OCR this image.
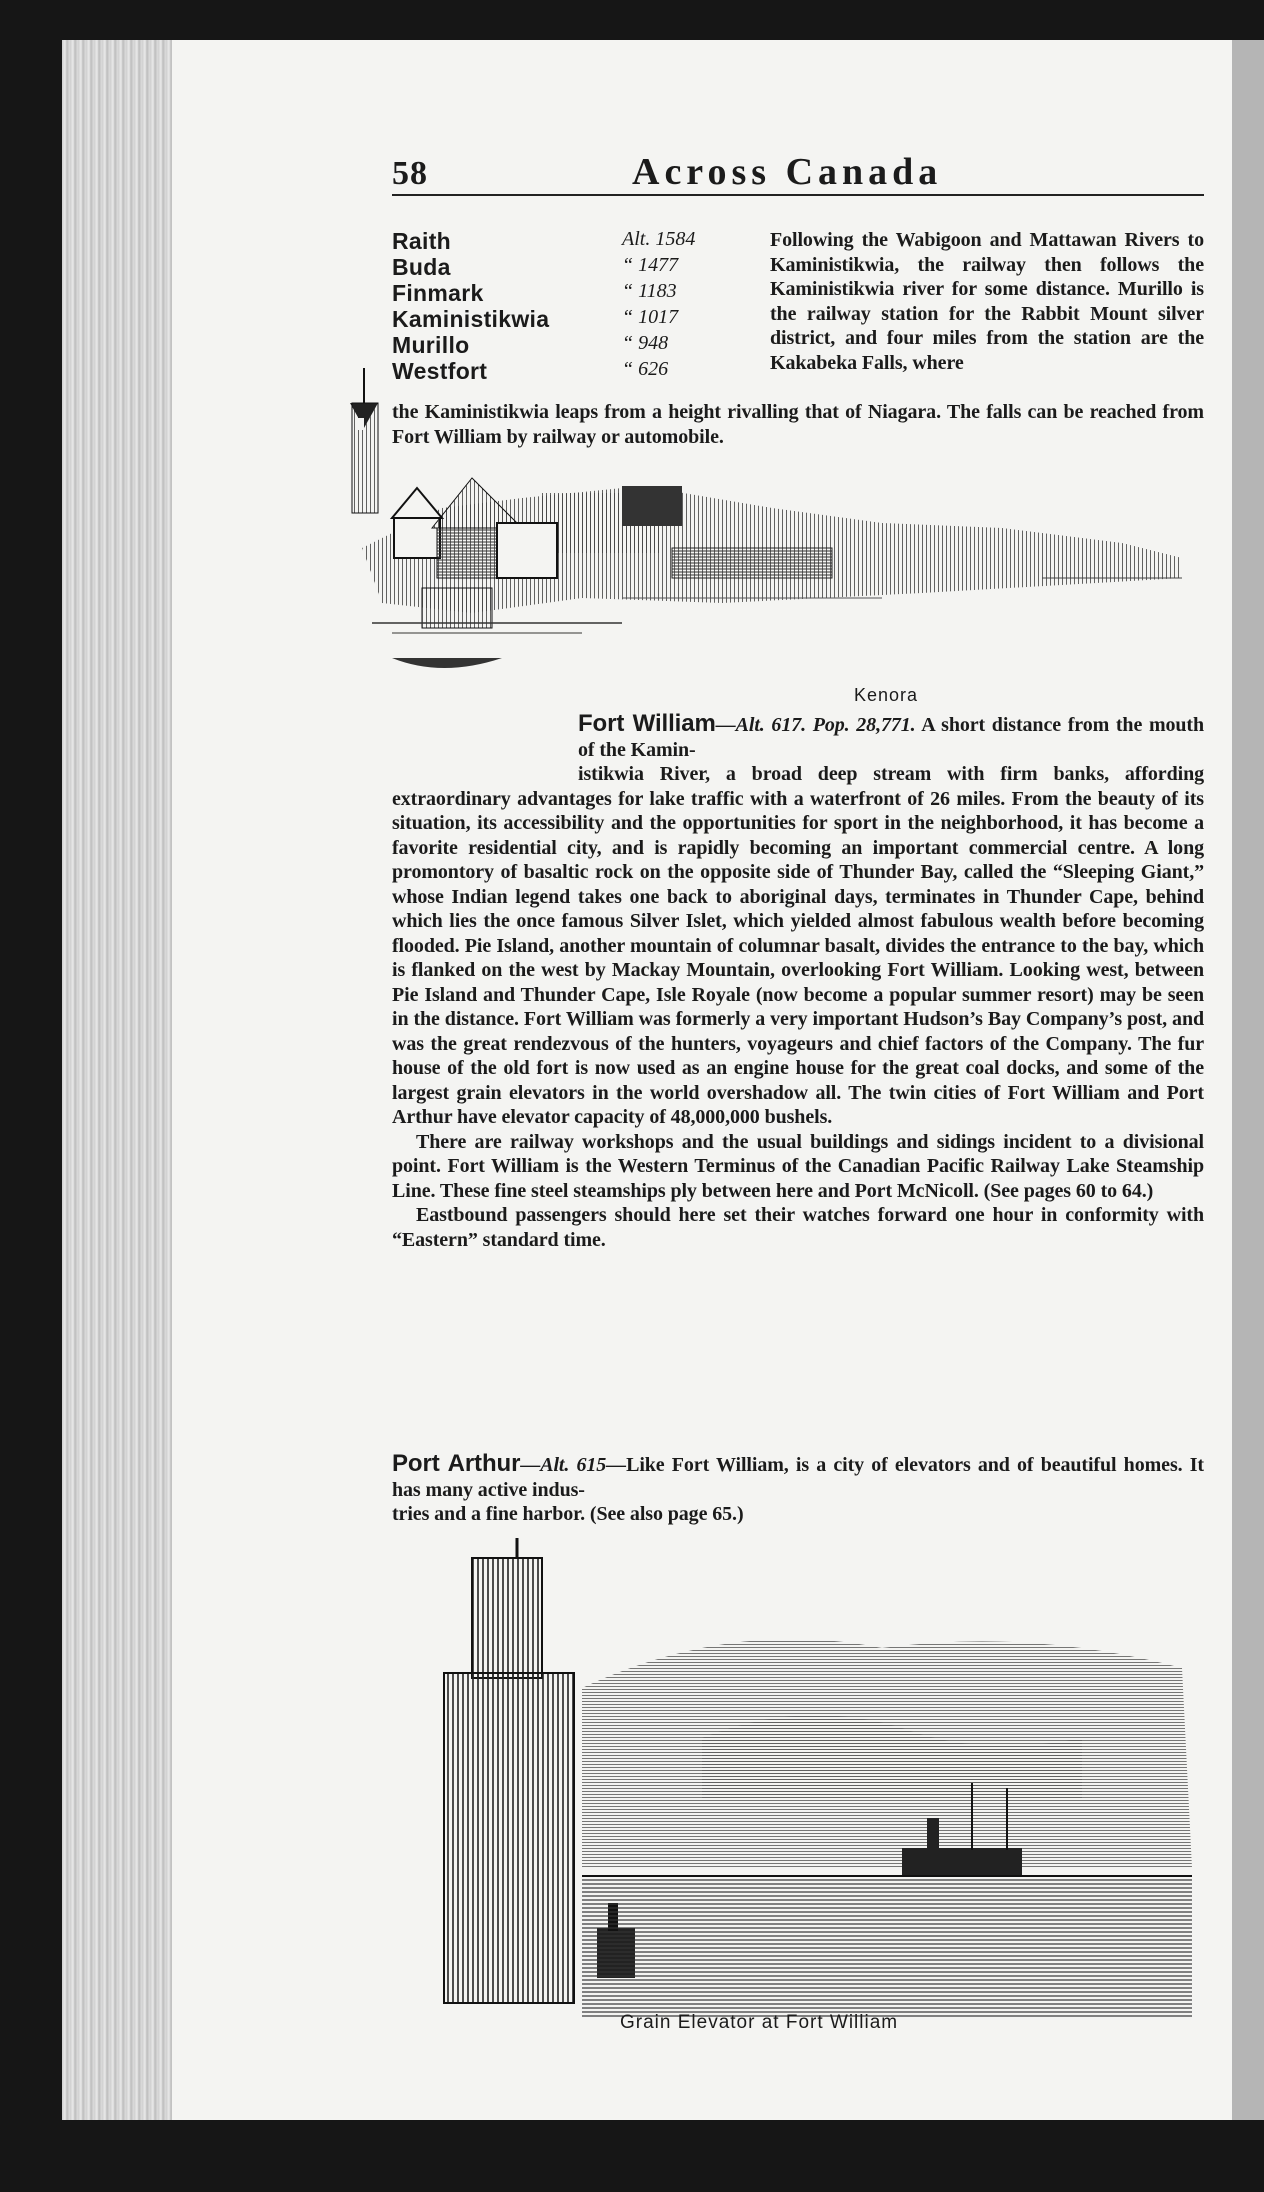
58	Across Canada
Raith	Alt. 1584
Buda	“ 1477
Finmark	“ 1183
Kaministikwia	“ 1017
Murillo	“ 948
Westfort	“ 626

Following the Wabigoon and Mattawan Rivers to Kaministikwia, the railway then follows the Kaministikwia river for some distance. Murillo is the railway station for the Rabbit Mount silver district, and four miles from the station are the Kakabeka Falls, where

the Kaministikwia leaps from a height rivalling that of Niagara. The falls can be reached from Fort William by railway or automobile.

Kenora

Fort William—Alt. 617. Pop. 28,771. A short distance from the mouth of the Kamin-

istikwia River, a broad deep stream with firm banks, affording extraordinary advantages for lake traffic with a waterfront of 26 miles. From the beauty of its situation, its accessibility and the opportunities for sport in the neighborhood, it has become a favorite residential city, and is rapidly becoming an important commercial centre. A long promontory of basaltic rock on the opposite side of Thunder Bay, called the “Sleeping Giant,” whose Indian legend takes one back to aboriginal days, terminates in Thunder Cape, behind which lies the once famous Silver Islet, which yielded almost fabulous wealth before becoming flooded. Pie Island, another mountain of columnar basalt, divides the entrance to the bay, which is flanked on the west by Mackay Mountain, overlooking Fort William. Looking west, between Pie Island and Thunder Cape, Isle Royale (now become a popular summer resort) may be seen in the distance. Fort William was formerly a very important Hudson’s Bay Company’s post, and was the great rendezvous of the hunters, voyageurs and chief factors of the Company. The fur house of the old fort is now used as an engine house for the great coal docks, and some of the largest grain elevators in the world overshadow all. The twin cities of Fort William and Port Arthur have elevator capacity of 48,000,000 bushels.

There are railway workshops and the usual buildings and sidings incident to a divisional point. Fort William is the Western Terminus of the Canadian Pacific Railway Lake Steamship Line. These fine steel steamships ply between here and Port McNicoll. (See pages 60 to 64.)

Eastbound passengers should here set their watches forward one hour in conformity with “Eastern” standard time.

Port Arthur—Alt. 615—Like Fort William, is a city of elevators and of beautiful homes. It has many active indus-

tries and a fine harbor. (See also page 65.)

Grain Elevator at Fort William
